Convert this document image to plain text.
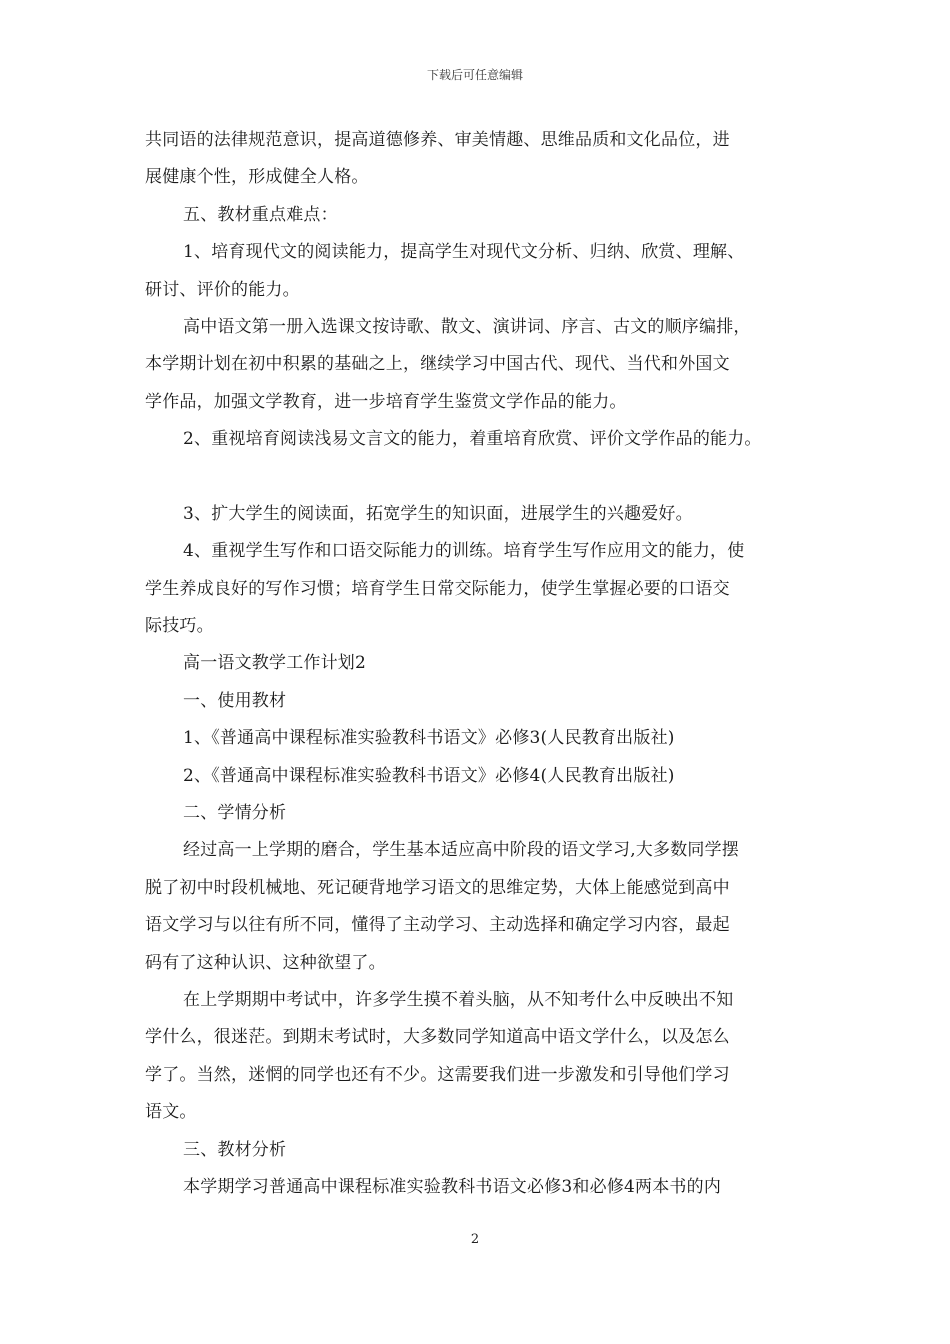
下载后可任意编辑
共同语的法律规范意识，提高道德修养、审美情趣、思维品质和文化品位，进
展健康个性，形成健全人格。
五、教材重点难点：
1、培育现代文的阅读能力，提高学生对现代文分析、归纳、欣赏、理解、
研讨、评价的能力。
高中语文第一册入选课文按诗歌、散文、演讲词、序言、古文的顺序编排，
本学期计划在初中积累的基础之上，继续学习中国古代、现代、当代和外国文
学作品，加强文学教育，进一步培育学生鉴赏文学作品的能力。
2、重视培育阅读浅易文言文的能力，着重培育欣赏、评价文学作品的能力。
3、扩大学生的阅读面，拓宽学生的知识面，进展学生的兴趣爱好。
4、重视学生写作和口语交际能力的训练。培育学生写作应用文的能力，使
学生养成良好的写作习惯；培育学生日常交际能力，使学生掌握必要的口语交
际技巧。
高一语文教学工作计划2
一、使用教材
1、《普通高中课程标准实验教科书语文》必修3(人民教育出版社)
2、《普通高中课程标准实验教科书语文》必修4(人民教育出版社)
二、学情分析
经过高一上学期的磨合，学生基本适应高中阶段的语文学习,大多数同学摆
脱了初中时段机械地、死记硬背地学习语文的思维定势，大体上能感觉到高中
语文学习与以往有所不同，懂得了主动学习、主动选择和确定学习内容，最起
码有了这种认识、这种欲望了。
在上学期期中考试中，许多学生摸不着头脑，从不知考什么中反映出不知
学什么，很迷茫。到期末考试时，大多数同学知道高中语文学什么，以及怎么
学了。当然，迷惘的同学也还有不少。这需要我们进一步激发和引导他们学习
语文。
三、教材分析
本学期学习普通高中课程标准实验教科书语文必修3和必修4两本书的内
2
